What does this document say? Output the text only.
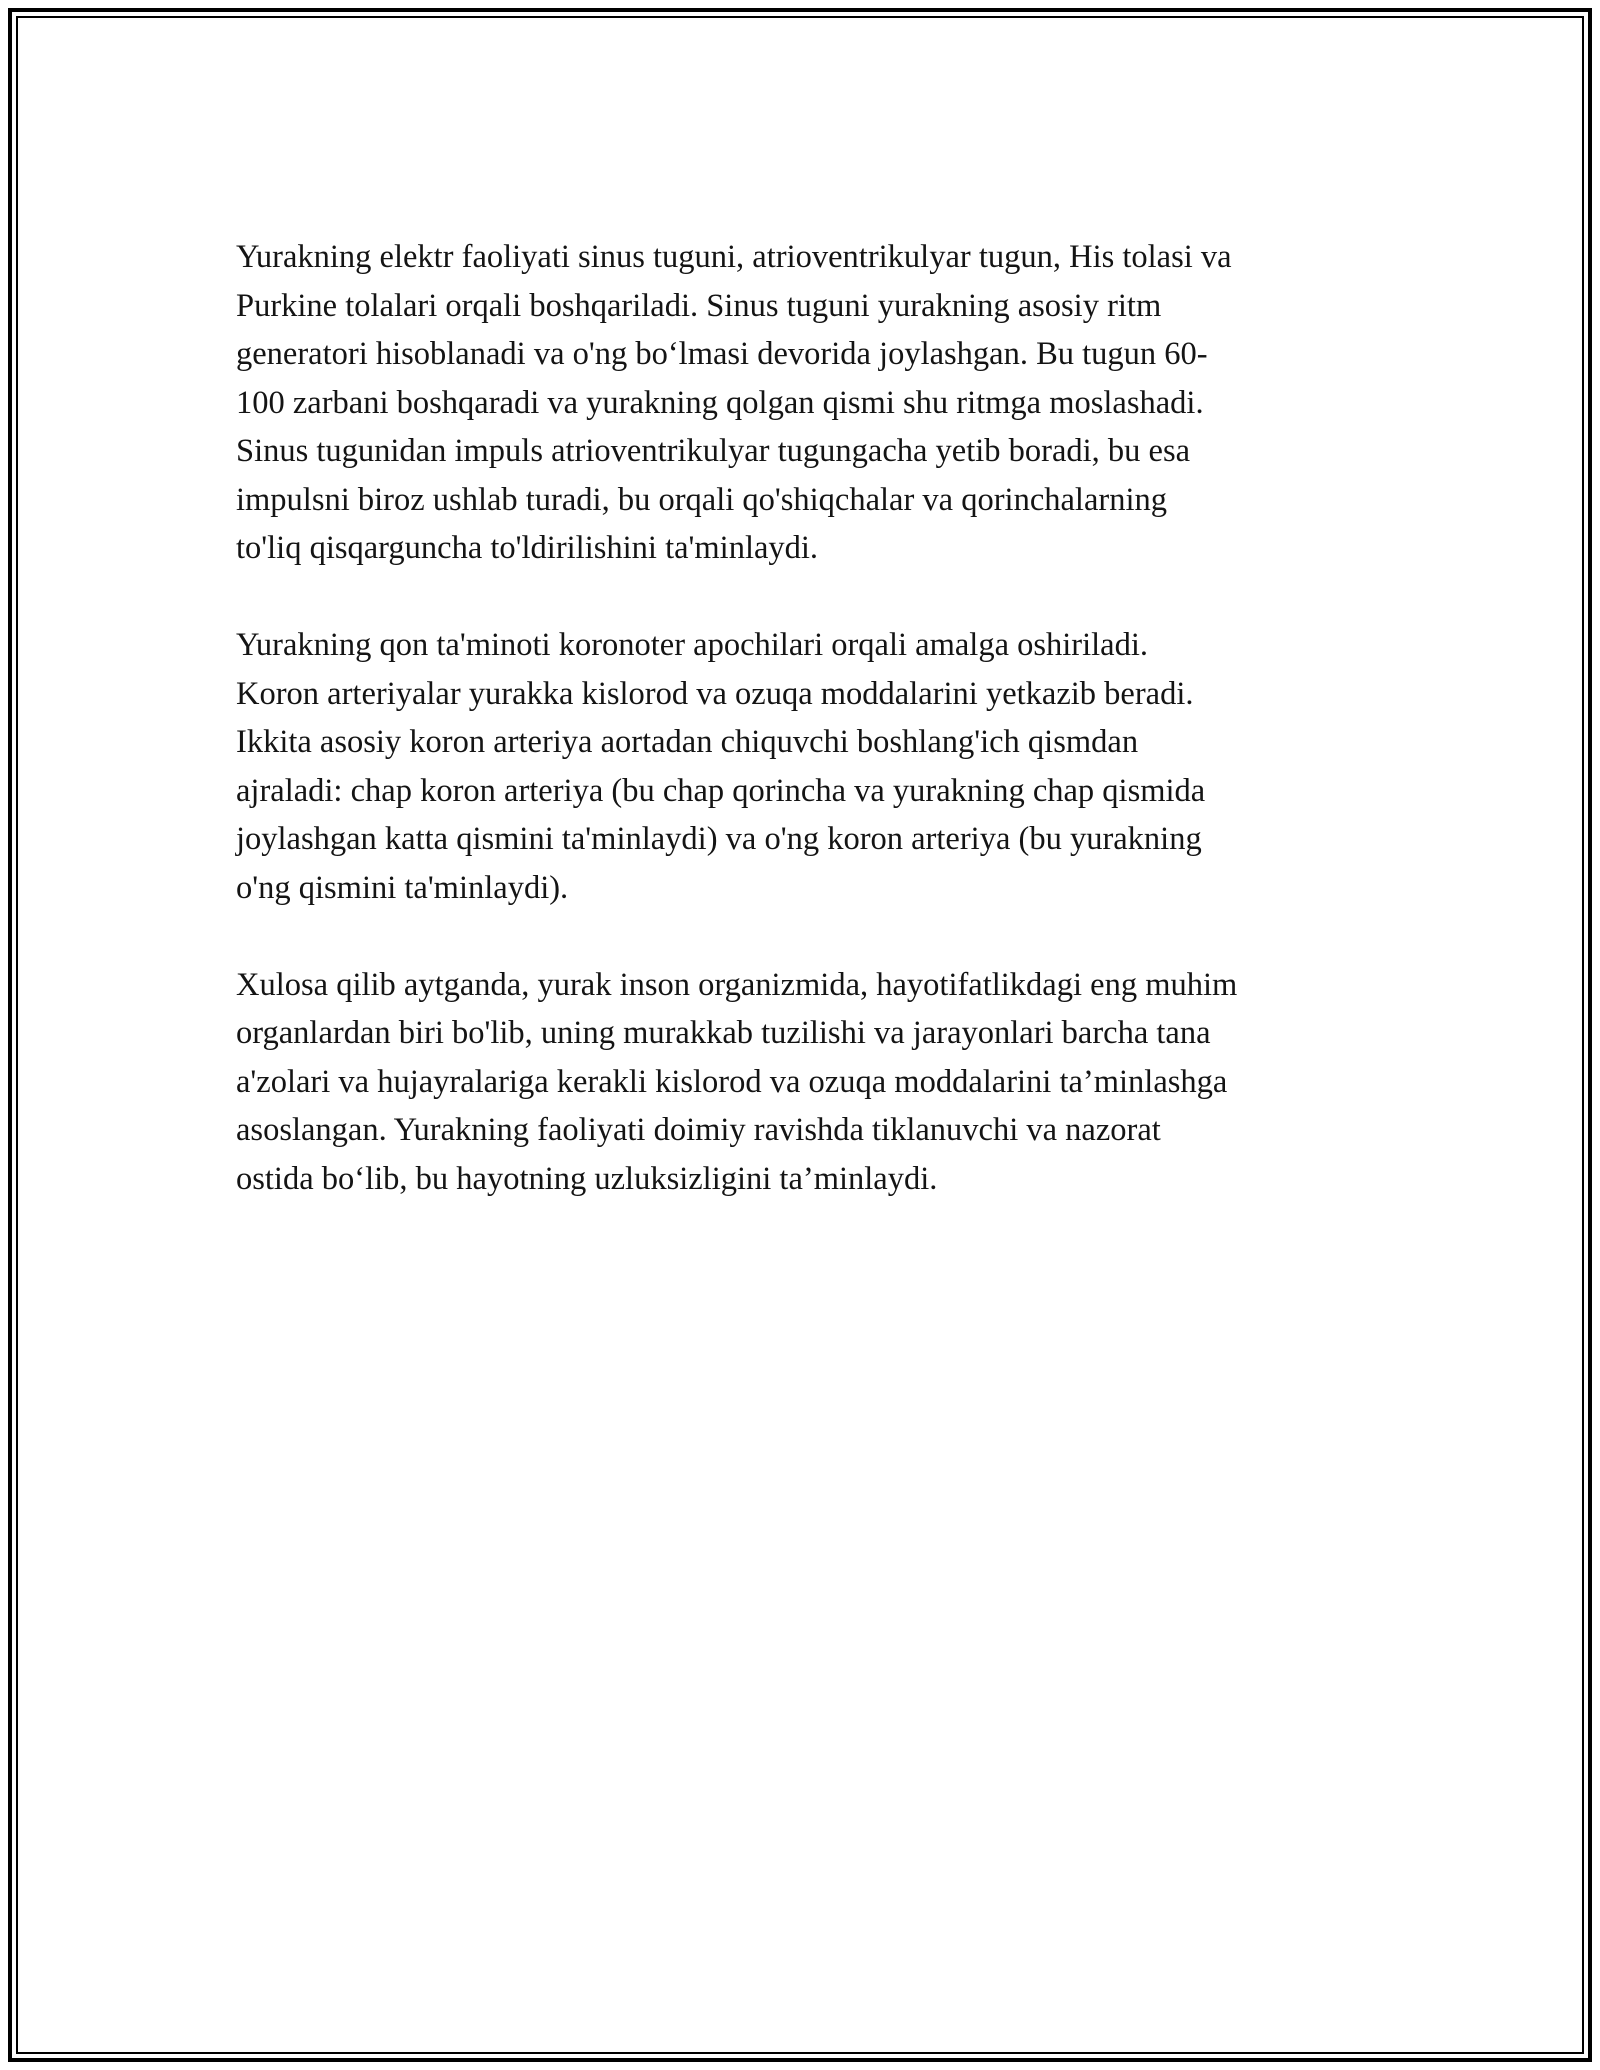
Yurakning elektr faoliyati sinus tuguni, atrioventrikulyar tugun, His tolasi va
Purkine tolalari orqali boshqariladi. Sinus tuguni yurakning asosiy ritm
generatori hisoblanadi va o'ng bo‘lmasi devorida joylashgan. Bu tugun 60-
100 zarbani boshqaradi va yurakning qolgan qismi shu ritmga moslashadi.
Sinus tugunidan impuls atrioventrikulyar tugungacha yetib boradi, bu esa
impulsni biroz ushlab turadi, bu orqali qo'shiqchalar va qorinchalarning
to'liq qisqarguncha to'ldirilishini ta'minlaydi.

Yurakning qon ta'minoti koronoter apochilari orqali amalga oshiriladi.
Koron arteriyalar yurakka kislorod va ozuqa moddalarini yetkazib beradi.
Ikkita asosiy koron arteriya aortadan chiquvchi boshlang'ich qismdan
ajraladi: chap koron arteriya (bu chap qorincha va yurakning chap qismida
joylashgan katta qismini ta'minlaydi) va o'ng koron arteriya (bu yurakning
o'ng qismini ta'minlaydi).

Xulosa qilib aytganda, yurak inson organizmida, hayotifatlikdagi eng muhim
organlardan biri bo'lib, uning murakkab tuzilishi va jarayonlari barcha tana
a'zolari va hujayralariga kerakli kislorod va ozuqa moddalarini ta’minlashga
asoslangan. Yurakning faoliyati doimiy ravishda tiklanuvchi va nazorat
ostida bo‘lib, bu hayotning uzluksizligini ta’minlaydi.
